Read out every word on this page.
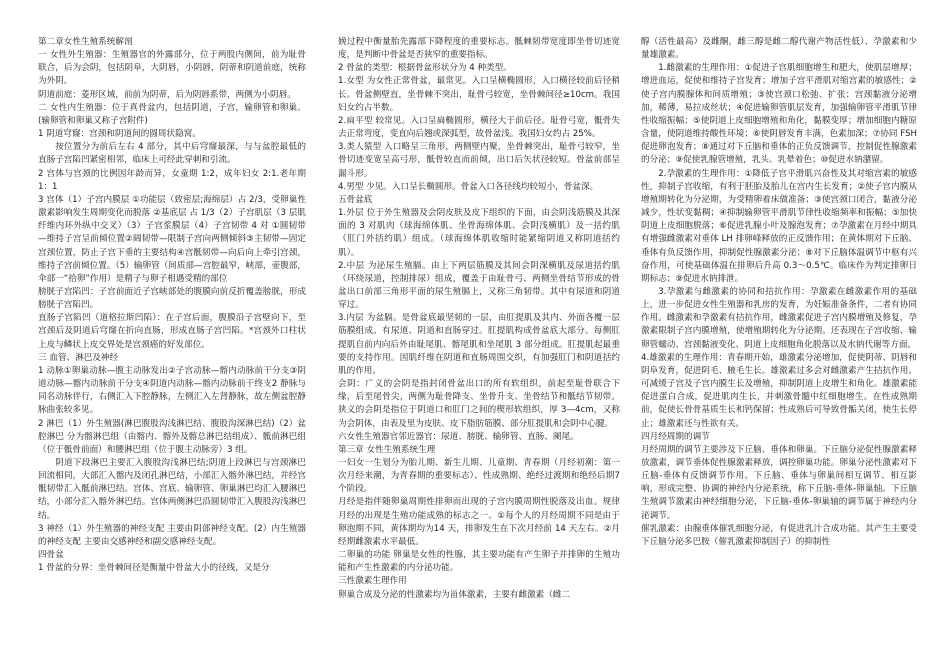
第二章女性生殖系统解剖

一 女性外生殖器：生殖器官的外露部分，位于两股内侧间，前为耻骨联合，后为会阴，包括阴阜，大阴唇，小阴唇，阴蒂和阴道前庭，统称为外阴。

阴道前庭：菱形区域，前前为阴蒂，后为阴唇系带，两侧为小阴唇。

二 女性内生殖器：位于真骨盆内，包括阴道，子宫，输卵管和卵巢。(输卵管和卵巢又称子宫附件)

1 阴道穹窿：宫颈和阴道间的圆周状隐窝。

按位置分为前后左右 4 部分，其中后穹窿最深，与与盆腔最低的直肠子宫陷凹紧密相邻，临床上可经此穿刺和引流。

2 宫体与宫颈的比例因年龄而异，女童期 1:2，成年妇女 2:1.老年期 1：1

3 宫体（1）子宫内膜层 ①功能层（致密层;海绵层）占 2/3，受卵巢性激素影响发生周期变化而脱落 ②基底层 占 1/3（2）子宫肌层（3 层肌纤维内环外纵中交叉）（3）子宫浆膜层（4）子宫韧带 4 对 ①圆韧带—维持子宫呈前倾位置②阔韧带—限制子宫向两侧倾斜③主韧带—固定宫颈位置，防止子宫下垂的主要结构④宫骶韧带—向后向上牵引宫颈，维持子宫前倾位置。（5）输卵管（间质部—宫腔最窄，峡部，壶腹部，伞部一“拾卵”作用）是精子与卵子相遇受精的部位

膀胱子宫陷凹：子宫前面近子宫峡部处的腹膜向前反折覆盖膀胱，形成膀胱子宫陷凹。

直肠子宫陷凹（道格拉斯凹陷）：在子宫后面，腹膜沿子宫壁向下，至宫颈后及阴道后穹窿在折向直肠，形成直肠子宫凹陷。*宫颈外口柱状上皮与鳞状上皮交界处是宫颈癌的好发部位。

三 血管、淋巴及神经

1 动脉①卵巢动脉—腹主动脉发出②子宫动脉—髂内动脉前干分支③阴道动脉—髂内动脉前干分支④阴道内动脉—髂内动脉前干终支2 静脉与同名动脉伴行，右侧汇入下腔静脉，左侧汇入左肾静脉，故左侧盆腔静脉曲张较多见。

2 淋巴（1）外生殖器(淋巴腹股沟浅淋巴结、腹股沟深淋巴结)（2）盆腔淋巴 分为髂淋巴组（由髂内、髂外及髂总淋巴结组成）、骶前淋巴组（位于骶骨前面）和腰淋巴组（位于腹主动脉旁）3 组。

阴道下段淋巴主要汇入腹股沟浅淋巴结;阴道上段淋巴与宫颈淋巴回流相同，大部汇入髂内及闭孔淋巴结，小部汇入髂外淋巴结，并经宫骶韧带汇入骶前淋巴结。宫体、宫底、输卵管、卵巢淋巴均汇入腰淋巴结，小部分汇入髂外淋巴结。宫体两侧淋巴沿圆韧带汇入腹股沟浅淋巴结。

3 神经（1）外生殖器的神经支配 主要由阴部神经支配。(2）内生殖器的神经支配 主要由交感神经和副交感神经支配。

四骨盆

1 骨盆的分界：坐骨棘间径是衡量中骨盆大小的径线，又是分

娩过程中衡量胎先露部下降程度的重要标志。骶棘韧带宽度即坐骨切迹宽度，是判断中骨盆是否狭窄的重要指标。

2 骨盆的类型：根据骨盆形状分为 4 种类型。

1.女型 为女性正常骨盆，最常见。入口呈横椭圆形，入口横径较前后径稍长。骨盆侧壁直，坐骨棘不突出，耻骨弓较宽，坐骨棘间径≥10cm。我国妇女约占半数。

2.扁平型 较常见。入口呈扁椭圆形，横径大于前后径。耻骨弓宽，骶骨失去正常弯度，变直向后翘或深弧型，故骨盆浅。我国妇女约占 25%。

3.类人猿型 入口略呈三角形，两侧壁内聚，坐骨棘突出，耻骨弓较窄，坐骨切迹变宽呈高弓形，骶骨较直而前倾，出口后矢状径较短。骨盆前部呈漏斗形。

4.男型 少见。入口呈长椭圆形。骨盆入口各径线均较短小，骨盆深。

五骨盆底

1.外层 位于外生殖器及会阴皮肤及皮下组织的下面，由会阴浅筋膜及其深面的 3 对肌肉（球海绵体肌、坐骨海绵体肌、会阴浅横肌）及一括约肌（肛门外括约肌）组成。（球海绵体肌收缩时能紧缩阴道又称阴道括约肌）。

2.中层 为泌尿生殖膈。由上下两层筋膜及其间会阴深横肌及尿道括约肌（环绕尿道，控制排尿）组成，覆盖于由耻骨弓、两侧坐骨结节形成的骨盆出口前部三角形平面的尿生殖膈上，又称三角韧带。其中有尿道和阴道穿过。

3.内层 为盆膈。是骨盆底最坚韧的一层，由肛提肌及其内、外面各覆一层筋膜组成。有尿道、阴道和直肠穿过。肛提肌构成骨盆底大部分。每侧肛提肌自前内向后外由耻尾肌、髂尾肌和坐尾肌 3 部分组成。肛提肌起最重要的支持作用。因肌纤维在阴道和直肠周围交织，有加强肛门和阴道括约肌的作用。

会阴：广义的会阴是指封闭骨盆出口的所有软组织，前起至耻骨联合下缘，后至尾骨尖，两侧为耻骨降支、坐骨升支、坐骨结节和骶结节韧带。狭义的会阴是指位于阴道口和肛门之间的楔形软组织，厚 3—4cm，又称为会阴体，由表及里为皮肤、皮下脂肪筋膜、部分肛提肌和会阴中心腱。

六女性生殖器官邻近器官：尿道、膀胱、输卵管、直肠、阑尾。

第三章 女性生殖系统生理

一妇女一生划分为胎儿期、新生儿期、儿童期、青春期（月经初潮：第一次月经来潮，为青春期的重要标志）、性成熟期、绝经过渡期和绝经后期7 个阶段。

月经是指伴随卵巢周期性排卵而出现的子宫内膜周期性脱落及出血。规律月经的出现是生殖功能成熟的标志之一。①每个人的月经周期不同是由于卵泡期不同，黄体期均为14 天，排卵发生在下次月经前 14 天左右。②月经期雌激素水平最低。

二卵巢的功能 卵巢是女性的性腺，其主要功能有产生卵子并排卵的生殖功能和产生性激素的内分泌功能。

三性激素生理作用

卵巢合成及分泌的性激素均为甾体激素，主要有雌激素（雌二

醇（活性最高）及雌酮，雌三醇是雌二醇代谢产物活性低）、孕激素和少量雄激素。

1.雌激素的生理作用：①促进子宫肌细胞增生和肥大，使肌层增厚；增进血运，促使和维持子宫发育；增加子宫平滑肌对缩宫素的敏感性；②使子宫内膜腺体和间质增殖；③使宫颈口松弛、扩张；宫颈黏液分泌增加，稀薄，易拉成丝状；④促进输卵管肌层发育，加强输卵管平滑肌节律性收缩振幅；⑤使阴道上皮细胞增殖和角化，黏膜变厚；增加细胞内糖原含量，使阴道维持酸性环境；⑥使阴唇发育丰满，色素加深；⑦协同 FSH 促进卵泡发育；⑧通过对下丘脑和垂体的正负反馈调节，控制促性腺激素的分泌；⑨促使乳腺管增殖，乳头、乳晕着色；⑩促进水钠潴留。

2.孕激素的生理作用：①降低子宫平滑肌兴奋性及其对缩宫素的敏感性，抑制子宫收缩，有利于胚胎及胎儿在宫内生长发育；②使子宫内膜从增殖期转化为分泌期，为受精卵着床做准备；③使宫颈口闭合，黏液分泌减少，性状变黏稠；④抑制输卵管平滑肌节律性收缩频率和振幅；⑤加快阴道上皮细胞脱落；⑥促进乳腺小叶及腺泡发育；⑦孕激素在月经中期具有增强雌激素对垂体 LH 排卵峰释放的正反馈作用；在黄体期对下丘脑、垂体有负反馈作用，抑制促性腺激素分泌；⑧对下丘脑体温调节中枢有兴奋作用，可使基础体温在排卵后升高 0.3～0.5℃。临床作为判定排卵日期标志；⑨促进水钠排泄。

3.孕激素与雌激素的协同和拮抗作用：孕激素在雌激素作用的基础上，进一步促进女性生殖器和乳房的发育，为妊娠准备条件，二者有协同作用。雌激素和孕激素有拮抗作用，雌激素促进子宫内膜增殖及修复，孕激素限制子宫内膜增殖，使增殖期转化为分泌期。还表现在子宫收缩、输卵管蠕动、宫颈黏液变化、阴道上皮细胞角化脱落以及水钠代谢等方面。

4.雄激素的生理作用：青春期开始，雄激素分泌增加，促使阴蒂、阴唇和阴阜发育，促进阴毛、腋毛生长。雄激素过多会对雌激素产生拮抗作用。可减缓子宫及子宫内膜生长及增殖，抑制阴道上皮增生和角化。雄激素能促进蛋白合成，促进肌肉生长，并刺激骨髓中红细胞增生。在性成熟期前，促使长骨骨基质生长和钙保留；性成熟后可导致骨骺关闭，使生长停止；雄激素还与性欲有关。

四月经周期的调节

月经周期的调节主要涉及下丘脑、垂体和卵巢。下丘脑分泌促性腺激素释放激素，调节垂体促性腺激素释放，调控卵巢功能。卵巢分泌性激素对下丘脑-垂体有反馈调节作用。下丘脑、垂体与卵巢间相互调节、相互影响，形成完整、协调的神经内分泌系统，称下丘脑-垂体-卵巢轴。下丘脑生殖调节激素由神经细胞分泌，下丘脑-垂体-卵巢轴的调节属于神经内分泌调节。

催乳激素：由腺垂体催乳细胞分泌，有促进乳汁合成功能。其产生主要受下丘脑分泌多巴胺（催乳激素抑制因子）的抑制性
